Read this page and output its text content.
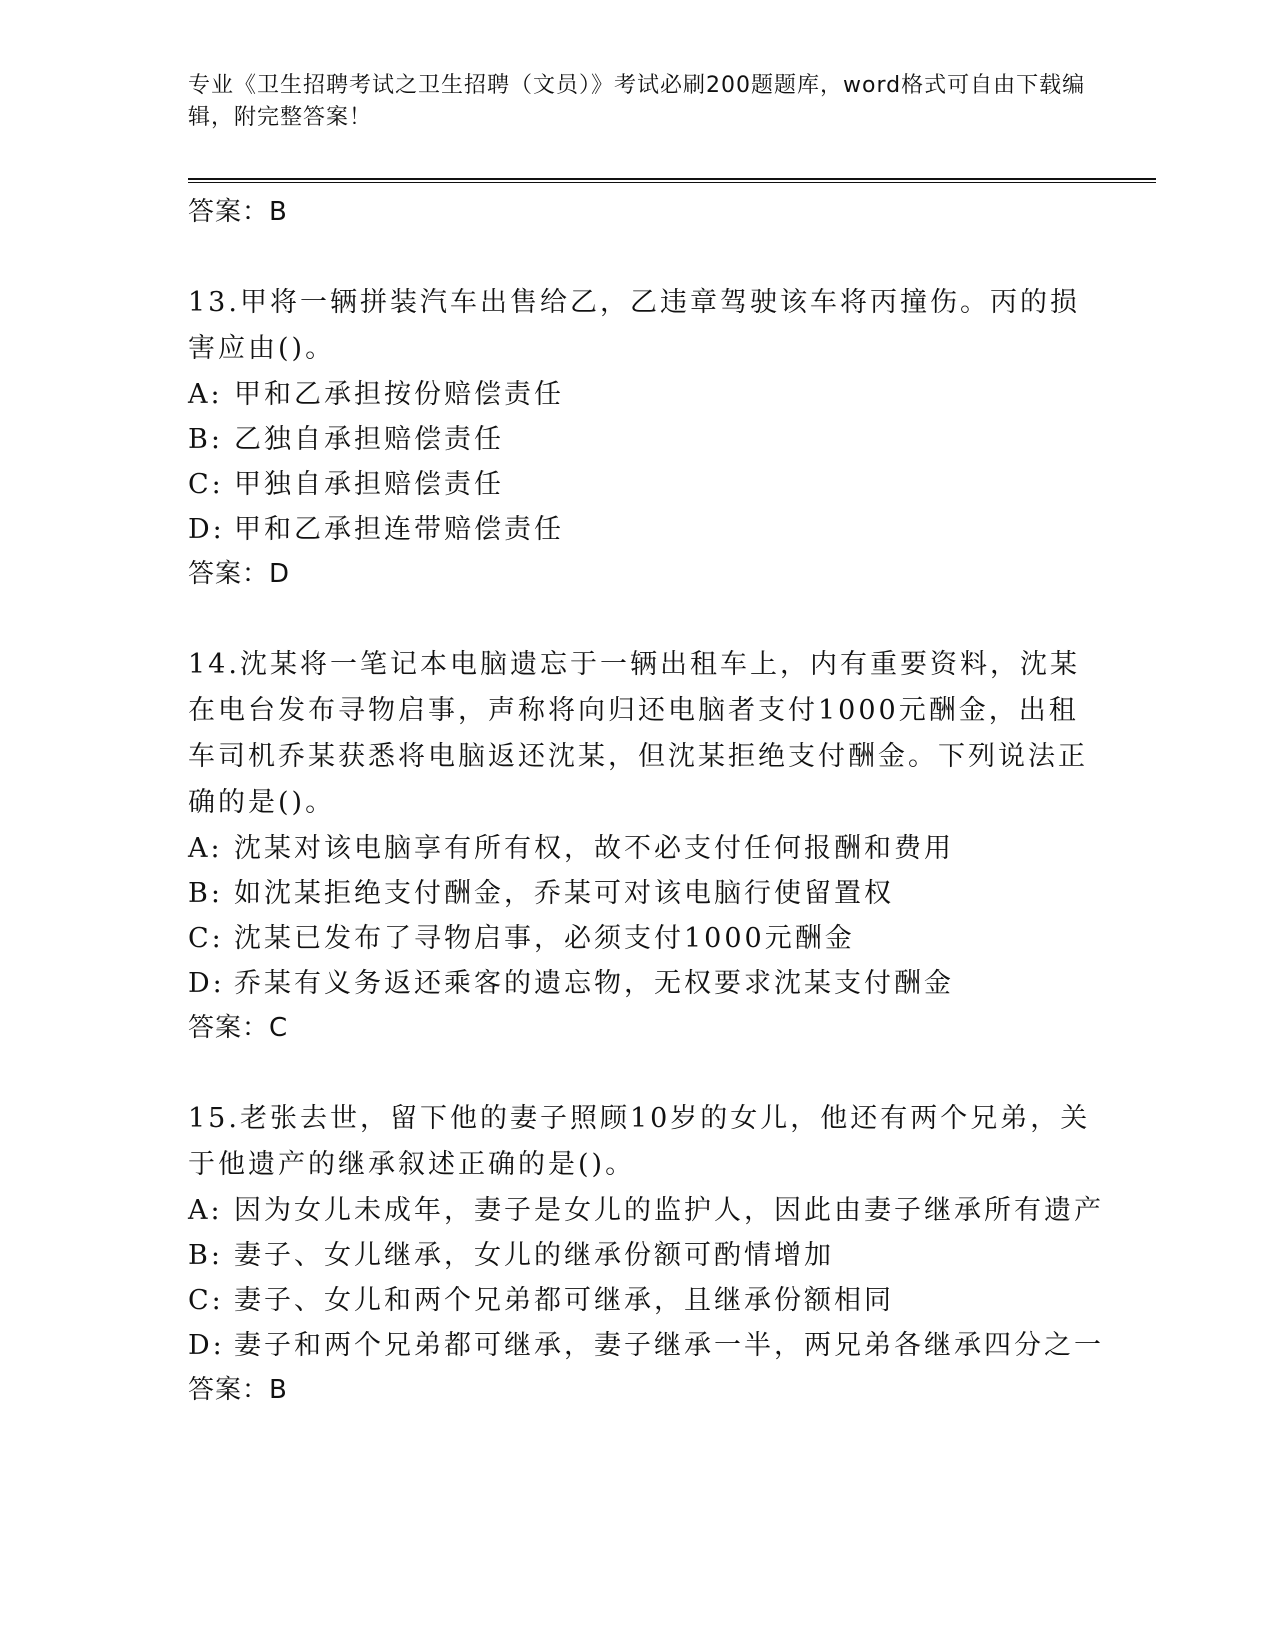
专业《卫生招聘考试之卫生招聘（文员）》考试必刷200题题库，word格式可自由下载编辑，附完整答案！
答案：B
13.甲将一辆拼装汽车出售给乙，乙违章驾驶该车将丙撞伤。丙的损害应由()。
A: 甲和乙承担按份赔偿责任
B: 乙独自承担赔偿责任
C: 甲独自承担赔偿责任
D: 甲和乙承担连带赔偿责任
答案：D
14.沈某将一笔记本电脑遗忘于一辆出租车上，内有重要资料，沈某在电台发布寻物启事，声称将向归还电脑者支付1000元酬金，出租车司机乔某获悉将电脑返还沈某，但沈某拒绝支付酬金。下列说法正确的是()。
A: 沈某对该电脑享有所有权，故不必支付任何报酬和费用
B: 如沈某拒绝支付酬金，乔某可对该电脑行使留置权
C: 沈某已发布了寻物启事，必须支付1000元酬金
D: 乔某有义务返还乘客的遗忘物，无权要求沈某支付酬金
答案：C
15.老张去世，留下他的妻子照顾10岁的女儿，他还有两个兄弟，关于他遗产的继承叙述正确的是()。
A: 因为女儿未成年，妻子是女儿的监护人，因此由妻子继承所有遗产
B: 妻子、女儿继承，女儿的继承份额可酌情增加
C: 妻子、女儿和两个兄弟都可继承，且继承份额相同
D: 妻子和两个兄弟都可继承，妻子继承一半，两兄弟各继承四分之一
答案：B
